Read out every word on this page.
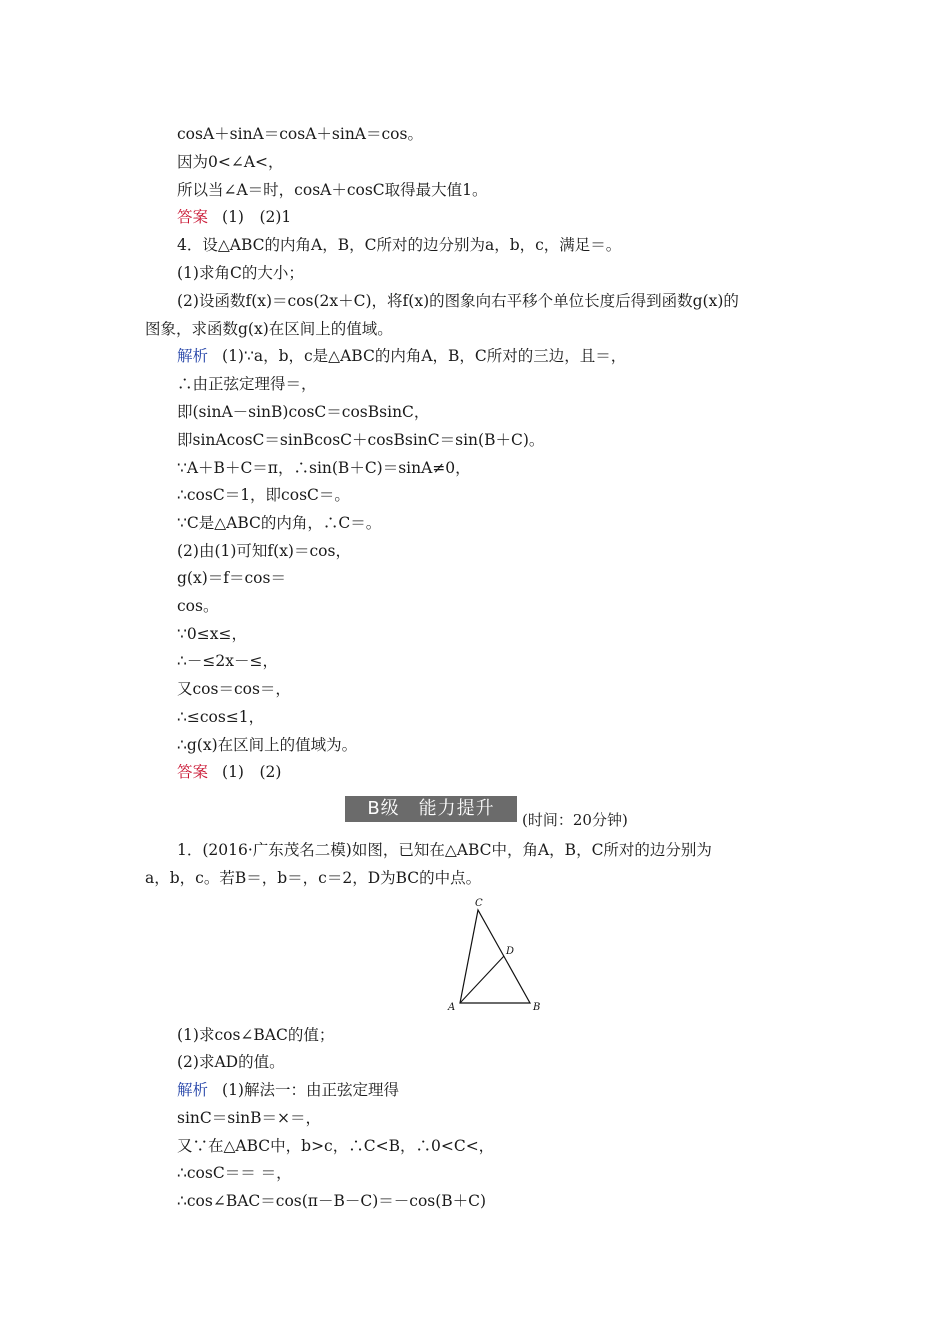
cosA＋sinA＝cosA＋sinA＝cos。
因为0<∠A<，
所以当∠A＝时，cosA＋cosC取得最大值1。
答案 (1)　(2)1
4．设△ABC的内角A，B，C所对的边分别为a，b，c，满足＝。
(1)求角C的大小；
(2)设函数f(x)＝cos(2x＋C)，将f(x)的图象向右平移个单位长度后得到函数g(x)的
图象，求函数g(x)在区间上的值域。
解析 (1)∵a，b，c是△ABC的内角A，B，C所对的三边，且＝，
∴由正弦定理得＝，
即(sinA－sinB)cosC＝cosBsinC，
即sinAcosC＝sinBcosC＋cosBsinC＝sin(B＋C)。
∵A＋B＋C＝π，∴sin(B＋C)＝sinA≠0，
∴cosC＝1，即cosC＝。
∵C是△ABC的内角，∴C＝。
(2)由(1)可知f(x)＝cos，
g(x)＝f＝cos＝
cos。
∵0≤x≤，
∴－≤2x－≤，
又cos＝cos＝，
∴≤cos≤1，
∴g(x)在区间上的值域为。
答案 (1)　(2)
B级　能力提升
(时间：20分钟)
1．(2016·广东茂名二模)如图，已知在△ABC中，角A，B，C所对的边分别为
a，b，c。若B＝，b＝，c＝2，D为BC的中点。
C
D
A	B
(1)求cos∠BAC的值；
(2)求AD的值。
解析 (1)解法一：由正弦定理得
sinC＝sinB＝×＝，
又∵在△ABC中，b>c，∴C<B，∴0<C<，
∴cosC＝＝ ＝，
∴cos∠BAC＝cos(π－B－C)＝－cos(B＋C)
